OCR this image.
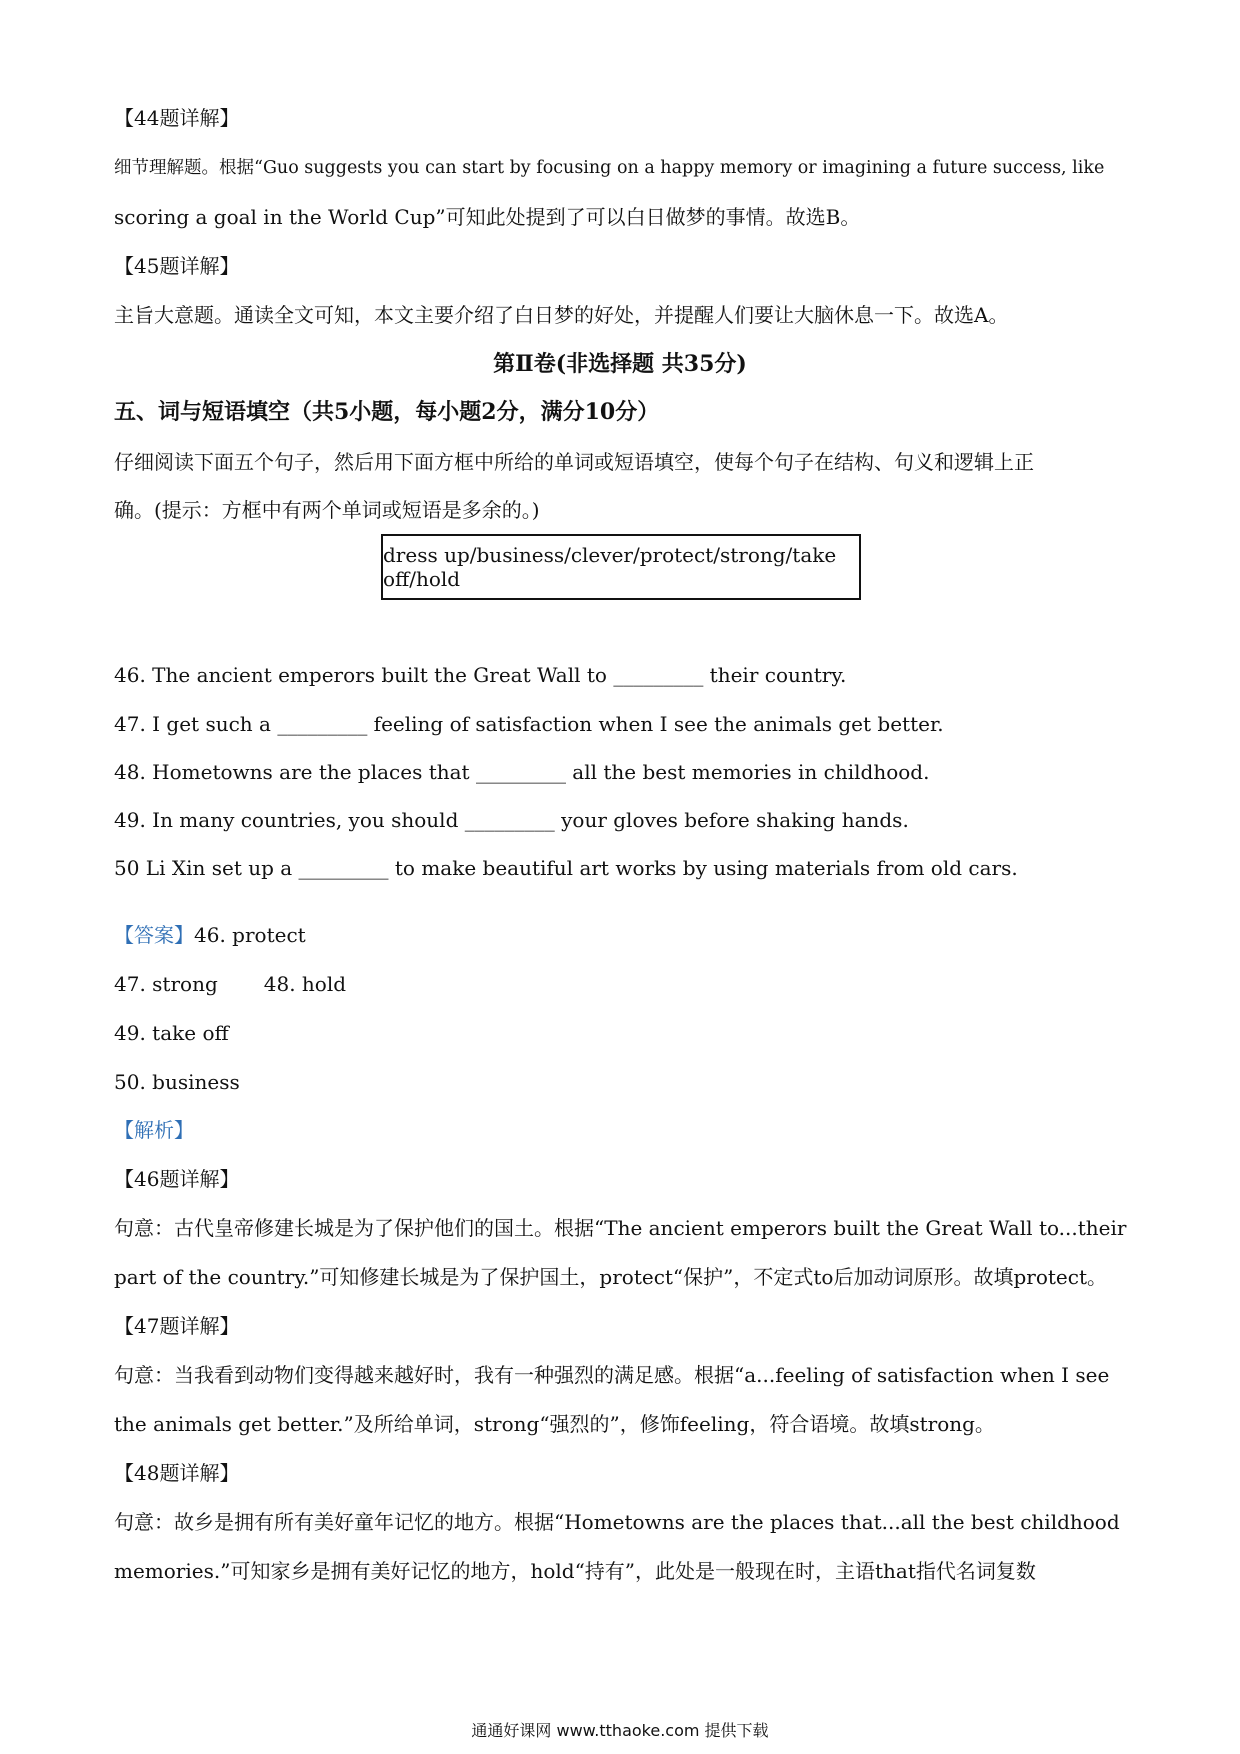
【44题详解】
细节理解题。根据“Guo suggests you can start by focusing on a happy memory or imagining a future success, like
scoring a goal in the World Cup”可知此处提到了可以白日做梦的事情。故选B。
【45题详解】
主旨大意题。通读全文可知，本文主要介绍了白日梦的好处，并提醒人们要让大脑休息一下。故选A。
第Ⅱ卷(非选择题 共35分)
五、词与短语填空（共5小题，每小题2分，满分10分）
仔细阅读下面五个句子，然后用下面方框中所给的单词或短语填空，使每个句子在结构、句义和逻辑上正
确。(提示：方框中有两个单词或短语是多余的。)
dress up/business/clever/protect/strong/take off/hold
46. The ancient emperors built the Great Wall to _________ their country.
47. I get such a _________ feeling of satisfaction when I see the animals get better.
48. Hometowns are the places that _________ all the best memories in childhood.
49. In many countries, you should _________ your gloves before shaking hands.
50 Li Xin set up a _________ to make beautiful art works by using materials from old cars.
【答案】46. protect
47. strong 48. hold
49. take off
50. business
【解析】
【46题详解】
句意：古代皇帝修建长城是为了保护他们的国土。根据“The ancient emperors built the Great Wall to...their
part of the country.”可知修建长城是为了保护国土，protect“保护”，不定式to后加动词原形。故填protect。
【47题详解】
句意：当我看到动物们变得越来越好时，我有一种强烈的满足感。根据“a...feeling of satisfaction when I see
the animals get better.”及所给单词，strong“强烈的”，修饰feeling，符合语境。故填strong。
【48题详解】
句意：故乡是拥有所有美好童年记忆的地方。根据“Hometowns are the places that...all the best childhood
memories.”可知家乡是拥有美好记忆的地方，hold“持有”，此处是一般现在时，主语that指代名词复数
通通好课网 www.tthaoke.com 提供下载
